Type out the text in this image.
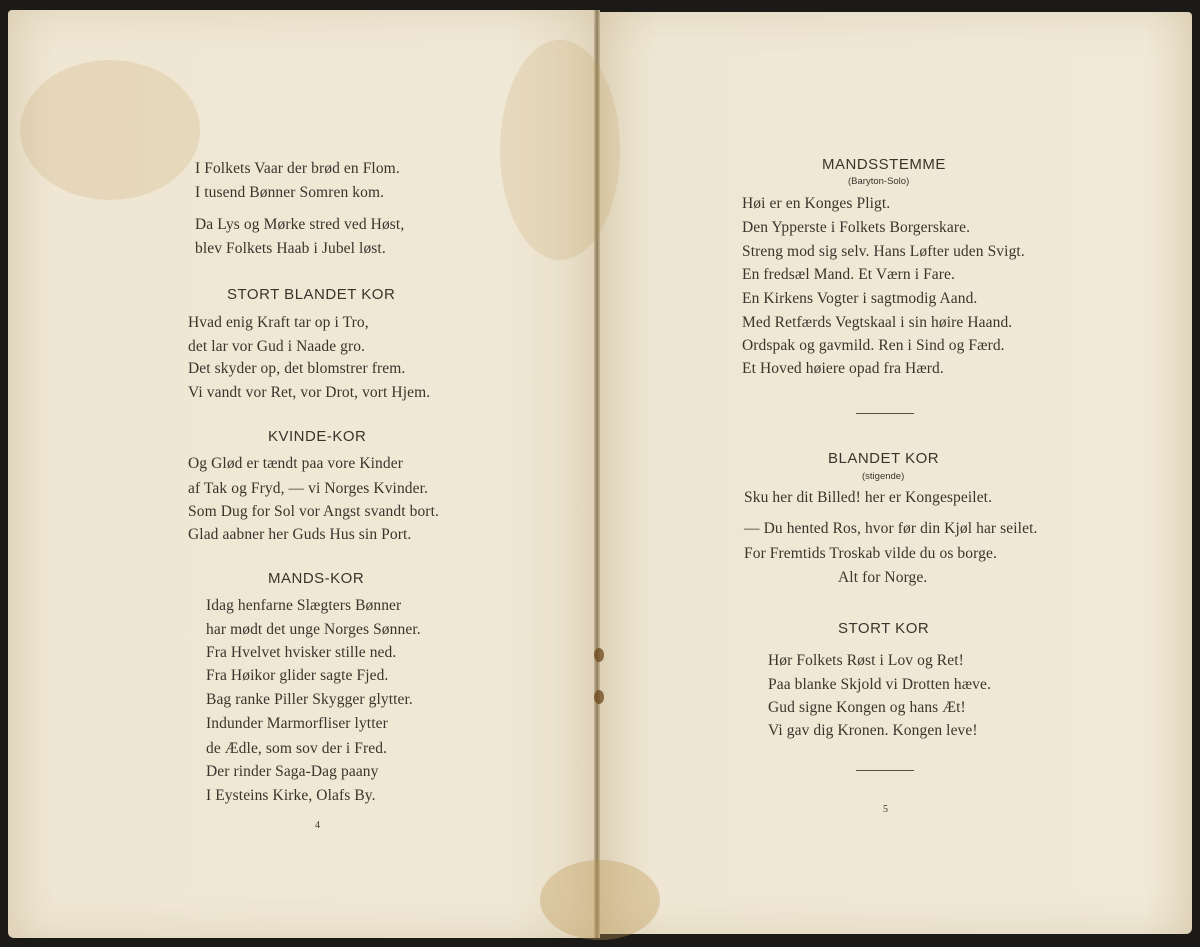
I Folkets Vaar der brød en Flom.
I tusend Bønner Somren kom.
Da Lys og Mørke stred ved Høst,
blev Folkets Haab i Jubel løst.
STORT BLANDET KOR
Hvad enig Kraft tar op i Tro,
det lar vor Gud i Naade gro.
Det skyder op, det blomstrer frem.
Vi vandt vor Ret, vor Drot, vort Hjem.
KVINDE-KOR
Og Glød er tændt paa vore Kinder
af Tak og Fryd, — vi Norges Kvinder.
Som Dug for Sol vor Angst svandt bort.
Glad aabner her Guds Hus sin Port.
MANDS-KOR
Idag henfarne Slægters Bønner
har mødt det unge Norges Sønner.
Fra Hvelvet hvisker stille ned.
Fra Høikor glider sagte Fjed.
Bag ranke Piller Skygger glytter.
Indunder Marmorfliser lytter
de Ædle, som sov der i Fred.
Der rinder Saga-Dag paany
I Eysteins Kirke, Olafs By.
4
MANDSSTEMME
(Baryton-Solo)
Høi er en Konges Pligt.
Den Ypperste i Folkets Borgerskare.
Streng mod sig selv. Hans Løfter uden Svigt.
En fredsæl Mand. Et Værn i Fare.
En Kirkens Vogter i sagtmodig Aand.
Med Retfærds Vegtskaal i sin høire Haand.
Ordspak og gavmild. Ren i Sind og Færd.
Et Hoved høiere opad fra Hærd.
BLANDET KOR
(stigende)
Sku her dit Billed! her er Kongespeilet.
— Du hented Ros, hvor før din Kjøl har seilet.
For Fremtids Troskab vilde du os borge.
Alt for Norge.
STORT KOR
Hør Folkets Røst i Lov og Ret!
Paa blanke Skjold vi Drotten hæve.
Gud signe Kongen og hans Æt!
Vi gav dig Kronen. Kongen leve!
5
